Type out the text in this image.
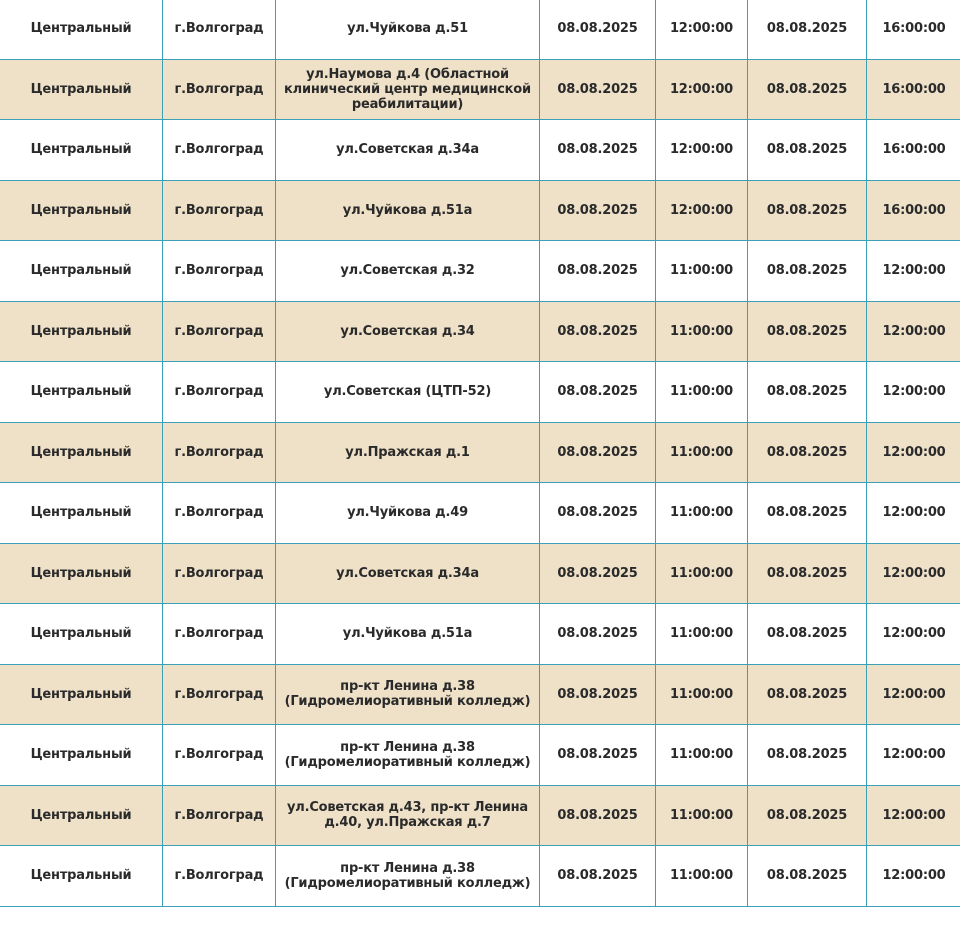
Центральный	г.Волгоград	ул.Чуйкова д.51	08.08.2025	12:00:00	08.08.2025	16:00:00
Центральный	г.Волгоград	ул.Наумова д.4 (Областной клинический центр медицинской реабилитации)	08.08.2025	12:00:00	08.08.2025	16:00:00
Центральный	г.Волгоград	ул.Советская д.34а	08.08.2025	12:00:00	08.08.2025	16:00:00
Центральный	г.Волгоград	ул.Чуйкова д.51а	08.08.2025	12:00:00	08.08.2025	16:00:00
Центральный	г.Волгоград	ул.Советская д.32	08.08.2025	11:00:00	08.08.2025	12:00:00
Центральный	г.Волгоград	ул.Советская д.34	08.08.2025	11:00:00	08.08.2025	12:00:00
Центральный	г.Волгоград	ул.Советская (ЦТП-52)	08.08.2025	11:00:00	08.08.2025	12:00:00
Центральный	г.Волгоград	ул.Пражская д.1	08.08.2025	11:00:00	08.08.2025	12:00:00
Центральный	г.Волгоград	ул.Чуйкова д.49	08.08.2025	11:00:00	08.08.2025	12:00:00
Центральный	г.Волгоград	ул.Советская д.34а	08.08.2025	11:00:00	08.08.2025	12:00:00
Центральный	г.Волгоград	ул.Чуйкова д.51а	08.08.2025	11:00:00	08.08.2025	12:00:00
Центральный	г.Волгоград	пр-кт Ленина д.38 (Гидромелиоративный колледж)	08.08.2025	11:00:00	08.08.2025	12:00:00
Центральный	г.Волгоград	пр-кт Ленина д.38 (Гидромелиоративный колледж)	08.08.2025	11:00:00	08.08.2025	12:00:00
Центральный	г.Волгоград	ул.Советская д.43, пр-кт Ленина д.40, ул.Пражская д.7	08.08.2025	11:00:00	08.08.2025	12:00:00
Центральный	г.Волгоград	пр-кт Ленина д.38 (Гидромелиоративный колледж)	08.08.2025	11:00:00	08.08.2025	12:00:00
